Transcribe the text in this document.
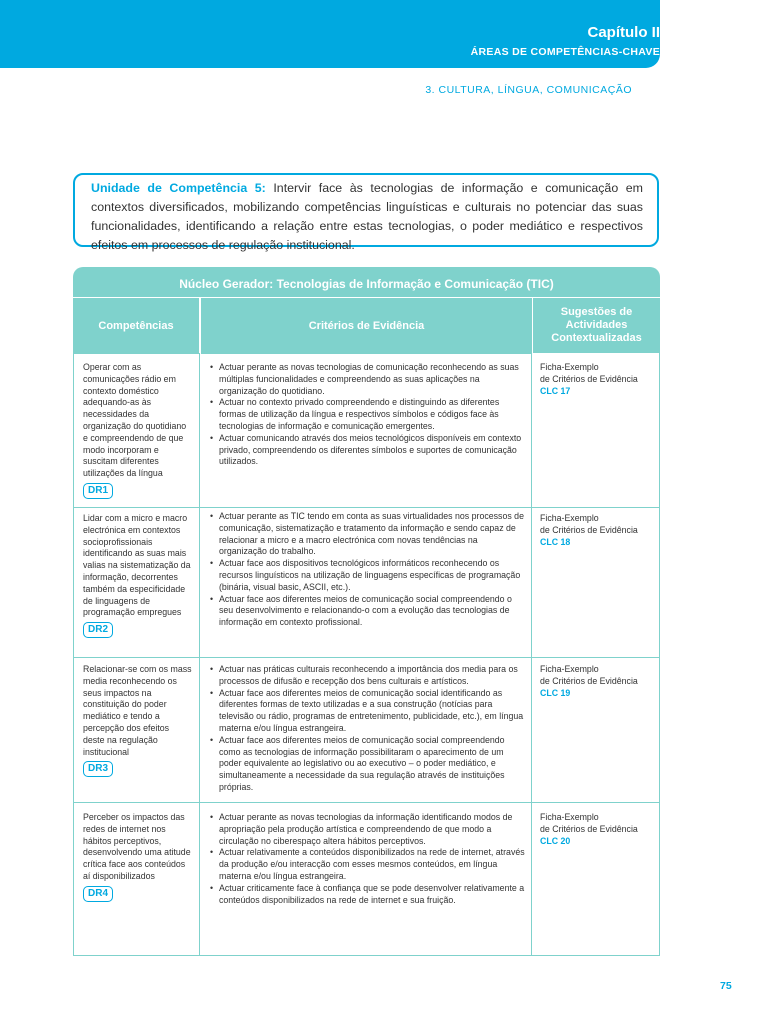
Capítulo II
ÁREAS DE COMPETÊNCIAS-CHAVE
3. CULTURA, LÍNGUA, COMUNICAÇÃO
Unidade de Competência 5: Intervir face às tecnologias de informação e comunicação em contextos diversificados, mobilizando competências linguísticas e culturais no potenciar das suas funcionalidades, identificando a relação entre estas tecnologias, o poder mediático e respectivos efeitos em processos de regulação institucional.
Núcleo Gerador: Tecnologias de Informação e Comunicação (TIC)
Competências	Critérios de Evidência
Sugestões de Actividades Contextualizadas
Operar com as comunicações rádio em contexto doméstico adequando-as às necessidades da organização do quotidiano e compreendendo de que modo incorporam e suscitam diferentes utilizações da língua
DR1
• Actuar perante as novas tecnologias de comunicação reconhecendo as suas múltiplas funcionalidades e compreendendo as suas aplicações na organização do quotidiano.
• Actuar no contexto privado compreendendo e distinguindo as diferentes formas de utilização da língua e respectivos símbolos e códigos face às tecnologias de informação e comunicação emergentes.
• Actuar comunicando através dos meios tecnológicos disponíveis em contexto privado, compreendendo os diferentes símbolos e suportes de comunicação utilizados.
Ficha-Exemplo
de Critérios de Evidência
CLC 17
Lidar com a micro e macro electrónica em contextos socioprofissionais identificando as suas mais valias na sistematização da informação, decorrentes também da especificidade de linguagens de programação empregues
DR2
• Actuar perante as TIC tendo em conta as suas virtualidades nos processos de comunicação, sistematização e tratamento da informação e sendo capaz de relacionar a micro e a macro electrónica com novas tendências na organização do trabalho.
• Actuar face aos dispositivos tecnológicos informáticos reconhecendo os recursos linguísticos na utilização de linguagens específicas de programação (binária, visual basic, ASCII, etc.).
• Actuar face aos diferentes meios de comunicação social compreendendo o seu desenvolvimento e relacionando-o com a evolução das tecnologias de informação em contexto profissional.
Ficha-Exemplo
de Critérios de Evidência
CLC 18
Relacionar-se com os mass media reconhecendo os seus impactos na constituição do poder mediático e tendo a percepção dos efeitos deste na regulação institucional
DR3
• Actuar nas práticas culturais reconhecendo a importância dos media para os processos de difusão e recepção dos bens culturais e artísticos.
• Actuar face aos diferentes meios de comunicação social identificando as diferentes formas de texto utilizadas e a sua construção (notícias para televisão ou rádio, programas de entretenimento, publicidade, etc.), em língua materna e/ou língua estrangeira.
• Actuar face aos diferentes meios de comunicação social compreendendo como as tecnologias de informação possibilitaram o aparecimento de um poder equivalente ao legislativo ou ao executivo – o poder mediático, e simultaneamente a necessidade da sua regulação através de instituições próprias.
Ficha-Exemplo
de Critérios de Evidência
CLC 19
Perceber os impactos das redes de internet nos hábitos perceptivos, desenvolvendo uma atitude crítica face aos conteúdos aí disponibilizados
DR4
• Actuar perante as novas tecnologias da informação identificando modos de apropriação pela produção artística e compreendendo de que modo a circulação no ciberespaço altera hábitos perceptivos.
• Actuar relativamente a conteúdos disponibilizados na rede de internet, através da produção e/ou interacção com esses mesmos conteúdos, em língua materna e/ou língua estrangeira.
• Actuar criticamente face à confiança que se pode desenvolver relativamente a conteúdos disponibilizados na rede de internet e sua fruição.
Ficha-Exemplo
de Critérios de Evidência
CLC 20
75
